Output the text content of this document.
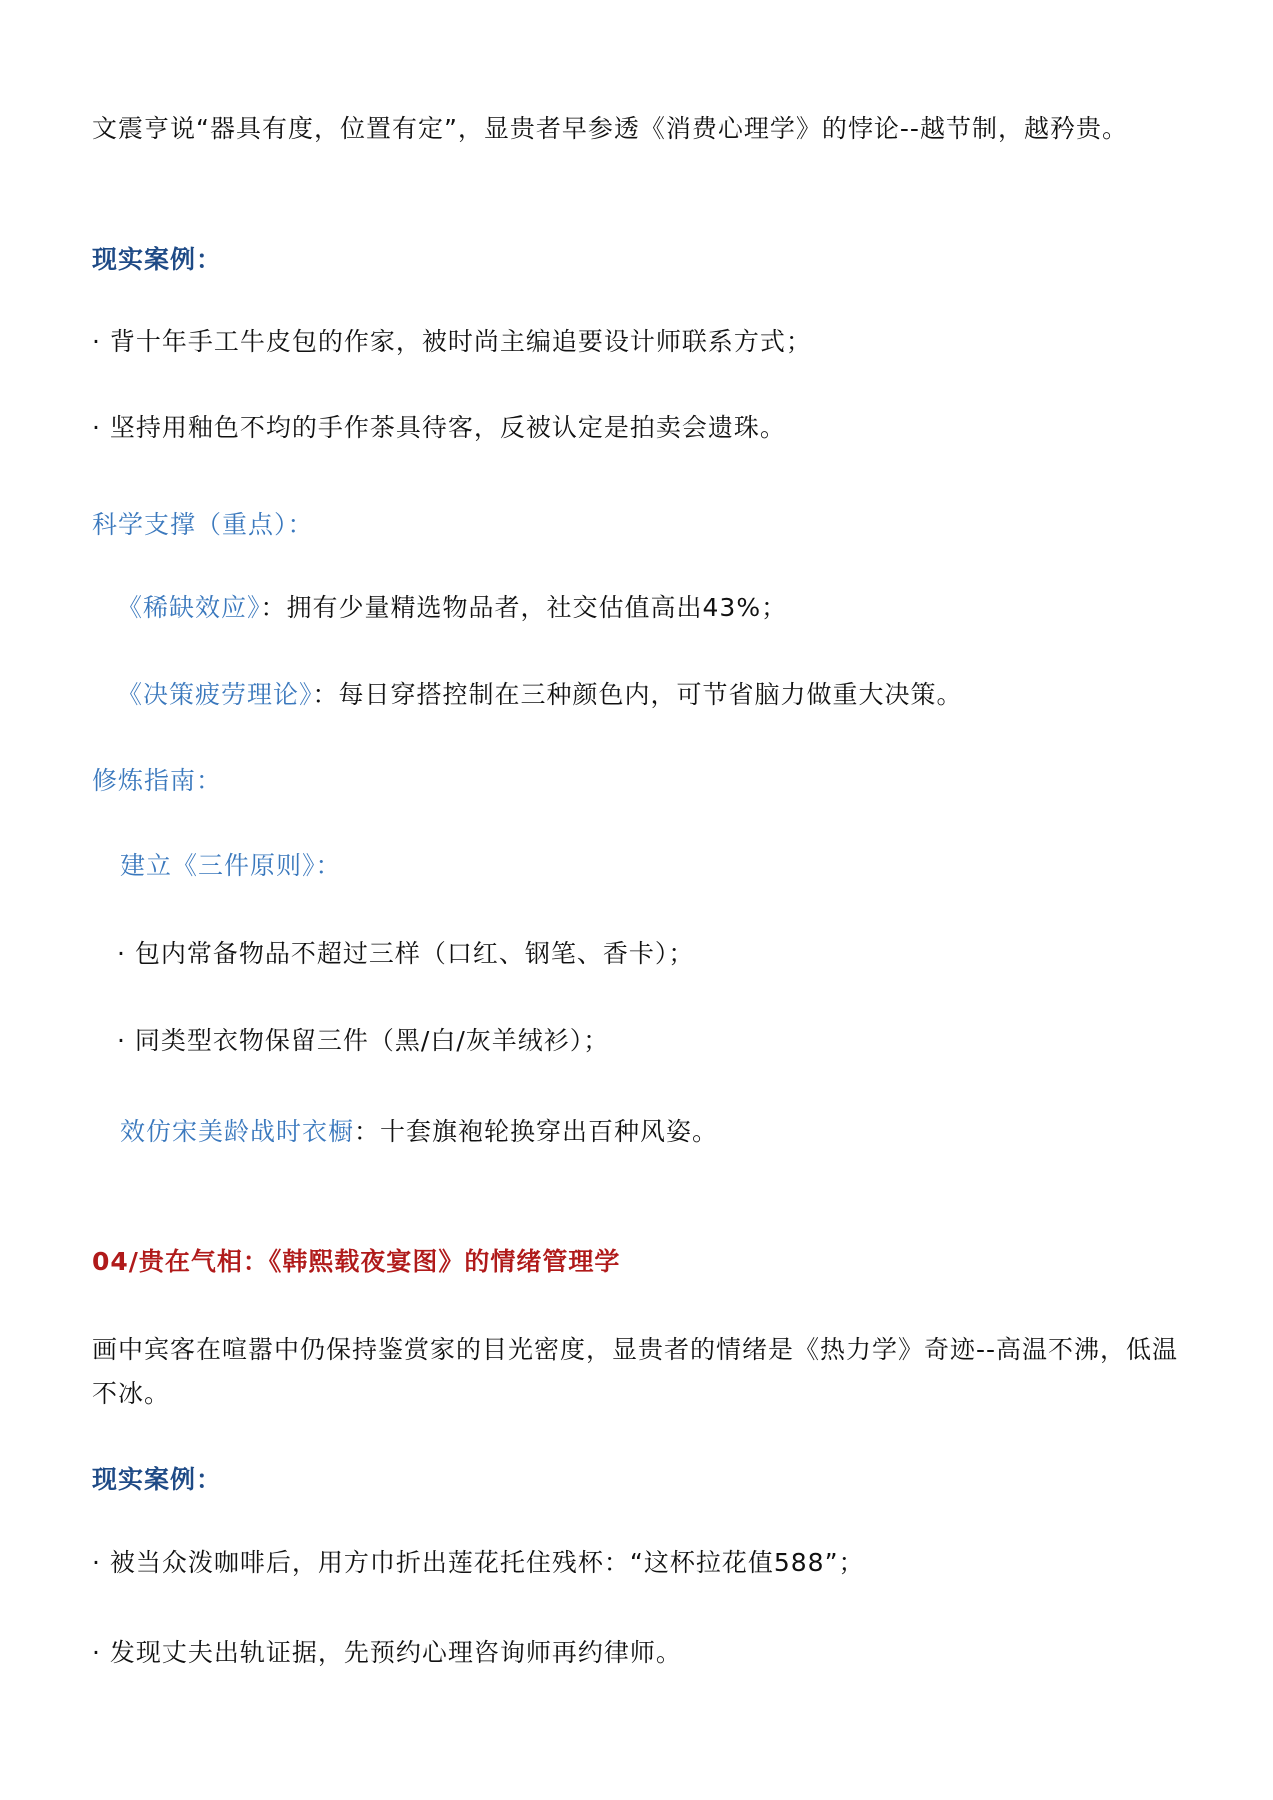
文震亨说“器具有度，位置有定”，显贵者早参透《消费心理学》的悖论--越节制，越矜贵。

现实案例：

· 背十年手工牛皮包的作家，被时尚主编追要设计师联系方式；

· 坚持用釉色不均的手作茶具待客，反被认定是拍卖会遗珠。

科学支撑（重点）：

《稀缺效应》：拥有少量精选物品者，社交估值高出43%；

《决策疲劳理论》：每日穿搭控制在三种颜色内，可节省脑力做重大决策。

修炼指南：

建立《三件原则》：

· 包内常备物品不超过三样（口红、钢笔、香卡）；

· 同类型衣物保留三件（黑/白/灰羊绒衫）；

效仿宋美龄战时衣橱：十套旗袍轮换穿出百种风姿。

04/贵在气相：《韩熙载夜宴图》的情绪管理学

画中宾客在喧嚣中仍保持鉴赏家的目光密度，显贵者的情绪是《热力学》奇迹--高温不沸，低温不冰。

现实案例：

· 被当众泼咖啡后，用方巾折出莲花托住残杯：“这杯拉花值588”；

· 发现丈夫出轨证据，先预约心理咨询师再约律师。
